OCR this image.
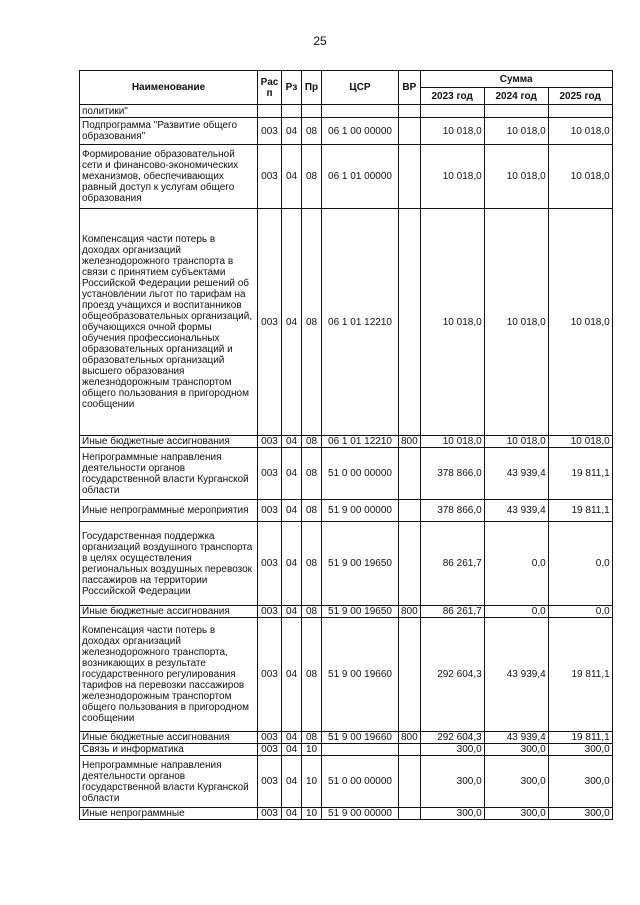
25
Наименование	Рас п	Рз	Пр	ЦСР	ВР	Сумма		
						2023 год	2024 год	2025 год
политики"								
Подпрограмма "Развитие общего образования"	003	04	08	06 1 00 00000		10 018,0	10 018,0	10 018,0
Формирование образовательной сети и финансово-экономических механизмов, обеспечивающих равный доступ к услугам общего образования	003	04	08	06 1 01 00000		10 018,0	10 018,0	10 018,0
Компенсация части потерь в доходах организаций железнодорожного транспорта в связи с принятием субъектами Российской Федерации решений об установлении льгот по тарифам на проезд учащихся и воспитанников общеобразовательных организаций, обучающихся очной формы обучения профессиональных образовательных организаций и образовательных организаций высшего образования железнодорожным транспортом общего пользования в пригородном сообщении	003	04	08	06 1 01 12210		10 018,0	10 018,0	10 018,0
Иные бюджетные ассигнования	003	04	08	06 1 01 12210	800	10 018,0	10 018,0	10 018,0
Непрограммные направления деятельности органов государственной власти Курганской области	003	04	08	51 0 00 00000		378 866,0	43 939,4	19 811,1
Иные непрограммные мероприятия	003	04	08	51 9 00 00000		378 866,0	43 939,4	19 811,1
Государственная поддержка организаций воздушного транспорта в целях осуществления региональных воздушных перевозок пассажиров на территории Российской Федерации	003	04	08	51 9 00 19650		86 261,7	0,0	0,0
Иные бюджетные ассигнования	003	04	08	51 9 00 19650	800	86 261,7	0,0	0,0
Компенсация части потерь в доходах организаций железнодорожного транспорта, возникающих в результате государственного регулирования тарифов на перевозки пассажиров железнодорожным транспортом общего пользования в пригородном сообщении	003	04	08	51 9 00 19660		292 604,3	43 939,4	19 811,1
Иные бюджетные ассигнования	003	04	08	51 9 00 19660	800	292 604,3	43 939,4	19 811,1
Связь и информатика	003	04	10			300,0	300,0	300,0
Непрограммные направления деятельности органов государственной власти Курганской области	003	04	10	51 0 00 00000		300,0	300,0	300,0
Иные непрограммные	003	04	10	51 9 00 00000		300,0	300,0	300,0
